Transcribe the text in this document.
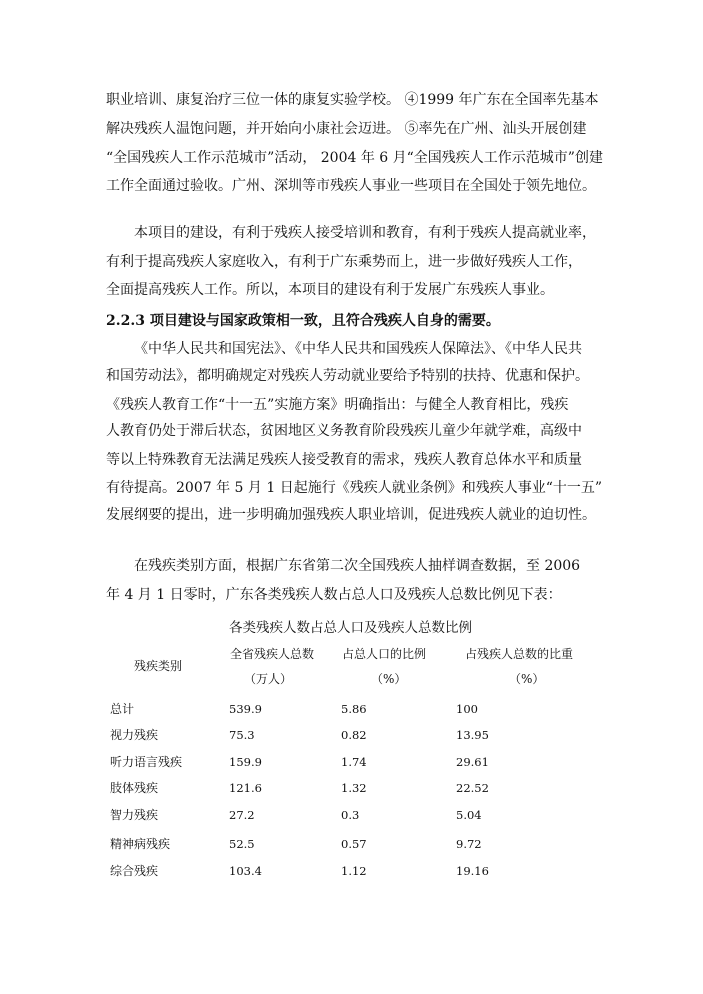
职业培训、康复治疗三位一体的康复实验学校。 ④1999 年广东在全国率先基本
解决残疾人温饱问题，并开始向小康社会迈进。 ⑤率先在广州、汕头开展创建
“全国残疾人工作示范城市”活动， 2004 年 6 月“全国残疾人工作示范城市”创建
工作全面通过验收。广州、深圳等市残疾人事业一些项目在全国处于领先地位。
本项目的建设，有利于残疾人接受培训和教育，有利于残疾人提高就业率，
有利于提高残疾人家庭收入，有利于广东乘势而上，进一步做好残疾人工作，
全面提高残疾人工作。所以，本项目的建设有利于发展广东残疾人事业。
2.2.3 项目建设与国家政策相一致，且符合残疾人自身的需要。
《中华人民共和国宪法》、《中华人民共和国残疾人保障法》、《中华人民共
和国劳动法》，都明确规定对残疾人劳动就业要给予特别的扶持、优惠和保护。
《残疾人教育工作“十一五”实施方案》明确指出：与健全人教育相比，残疾
人教育仍处于滞后状态，贫困地区义务教育阶段残疾儿童少年就学难，高级中
等以上特殊教育无法满足残疾人接受教育的需求，残疾人教育总体水平和质量
有待提高。2007 年 5 月 1 日起施行《残疾人就业条例》和残疾人事业“十一五”
发展纲要的提出，进一步明确加强残疾人职业培训，促进残疾人就业的迫切性。
在残疾类别方面，根据广东省第二次全国残疾人抽样调查数据，至 2006
年 4 月 1 日零时，广东各类残疾人数占总人口及残疾人总数比例见下表：
各类残疾人数占总人口及残疾人总数比例
残疾类别
全省残疾人总数
（万人）
占总人口的比例
（%）
占残疾人总数的比重
（%）
总计	539.9	5.86	100
视力残疾	75.3	0.82	13.95
听力语言残疾	159.9	1.74	29.61
肢体残疾	121.6	1.32	22.52
智力残疾	27.2	0.3	5.04
精神病残疾	52.5	0.57	9.72
综合残疾	103.4	1.12	19.16
